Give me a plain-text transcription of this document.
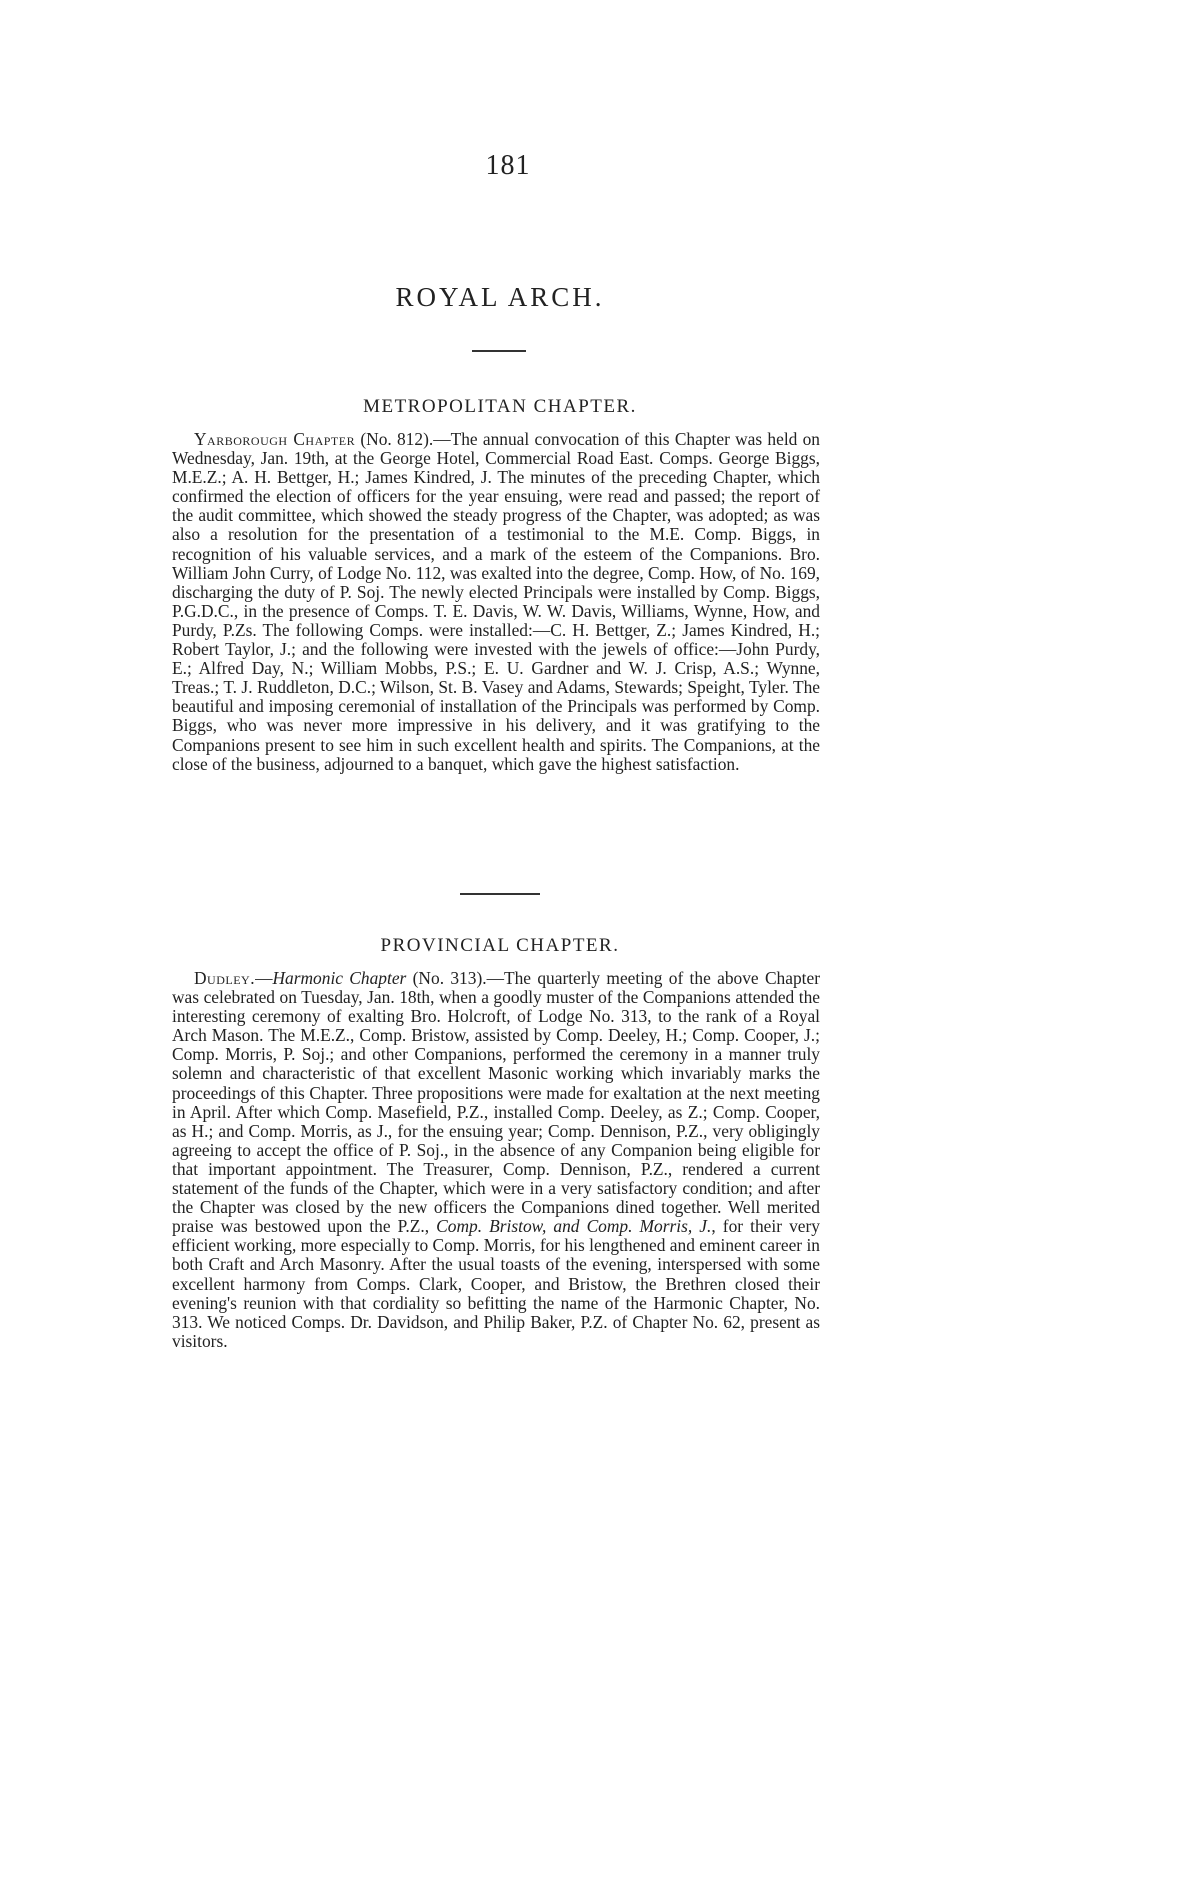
181
ROYAL ARCH.
METROPOLITAN CHAPTER.

Yarborough Chapter (No. 812).—The annual convocation of this Chapter was held on Wednesday, Jan. 19th, at the George Hotel, Commercial Road East. Comps. George Biggs, M.E.Z.; A. H. Bettger, H.; James Kindred, J. The minutes of the preceding Chapter, which confirmed the election of officers for the year ensuing, were read and passed; the report of the audit committee, which showed the steady progress of the Chapter, was adopted; as was also a resolution for the presentation of a testimonial to the M.E. Comp. Biggs, in recognition of his valuable services, and a mark of the esteem of the Companions. Bro. William John Curry, of Lodge No. 112, was exalted into the degree, Comp. How, of No. 169, discharging the duty of P. Soj. The newly elected Principals were installed by Comp. Biggs, P.G.D.C., in the presence of Comps. T. E. Davis, W. W. Davis, Williams, Wynne, How, and Purdy, P.Zs. The following Comps. were installed:—C. H. Bettger, Z.; James Kindred, H.; Robert Taylor, J.; and the following were invested with the jewels of office:—John Purdy, E.; Alfred Day, N.; William Mobbs, P.S.; E. U. Gardner and W. J. Crisp, A.S.; Wynne, Treas.; T. J. Ruddleton, D.C.; Wilson, St. B. Vasey and Adams, Stewards; Speight, Tyler. The beautiful and imposing ceremonial of installation of the Principals was performed by Comp. Biggs, who was never more impressive in his delivery, and it was gratifying to the Companions present to see him in such excellent health and spirits. The Companions, at the close of the business, adjourned to a banquet, which gave the highest satisfaction.

PROVINCIAL CHAPTER.

Dudley.—Harmonic Chapter (No. 313).—The quarterly meeting of the above Chapter was celebrated on Tuesday, Jan. 18th, when a goodly muster of the Companions attended the interesting ceremony of exalting Bro. Holcroft, of Lodge No. 313, to the rank of a Royal Arch Mason. The M.E.Z., Comp. Bristow, assisted by Comp. Deeley, H.; Comp. Cooper, J.; Comp. Morris, P. Soj.; and other Companions, performed the ceremony in a manner truly solemn and characteristic of that excellent Masonic working which invariably marks the proceedings of this Chapter. Three propositions were made for exaltation at the next meeting in April. After which Comp. Masefield, P.Z., installed Comp. Deeley, as Z.; Comp. Cooper, as H.; and Comp. Morris, as J., for the ensuing year; Comp. Dennison, P.Z., very obligingly agreeing to accept the office of P. Soj., in the absence of any Companion being eligible for that important appointment. The Treasurer, Comp. Dennison, P.Z., rendered a current statement of the funds of the Chapter, which were in a very satisfactory condition; and after the Chapter was closed by the new officers the Companions dined together. Well merited praise was bestowed upon the P.Z., Comp. Bristow, and Comp. Morris, J., for their very efficient working, more especially to Comp. Morris, for his lengthened and eminent career in both Craft and Arch Masonry. After the usual toasts of the evening, interspersed with some excellent harmony from Comps. Clark, Cooper, and Bristow, the Brethren closed their evening's reunion with that cordiality so befitting the name of the Harmonic Chapter, No. 313. We noticed Comps. Dr. Davidson, and Philip Baker, P.Z. of Chapter No. 62, present as visitors.
